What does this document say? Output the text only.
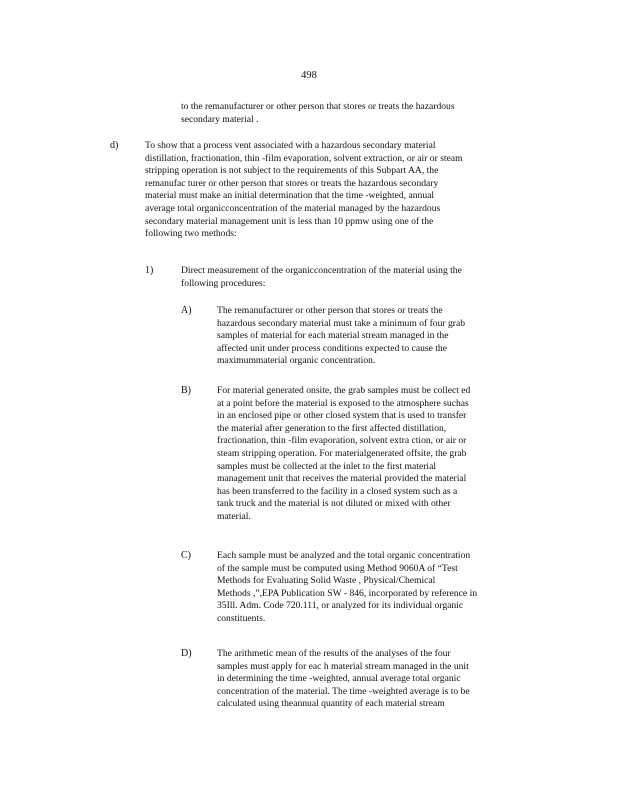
498
to the remanufacturer or other person that stores or treats the hazardous
secondary material .
d)	To show that a process vent associated with a hazardous secondary material
distillation, fractionation, thin -film evaporation, solvent extraction, or air or steam
stripping operation is not subject to the requirements of this Subpart AA, the
remanufac turer or other person that stores or treats the hazardous secondary
material must make an initial determination that the time -weighted, annual
average total organicconcentration of the material managed by the hazardous
secondary material management unit is less than 10 ppmw using one of the
following two methods:
1)	Direct measurement of the organicconcentration of the material using the
following procedures:
A)	The remanufacturer or other person that stores or treats the
hazardous secondary material must take a minimum of four grab
samples of material for each material stream managed in the
affected unit under process conditions expected to cause the
maximummaterial organic concentration.
B)	For material generated onsite, the grab samples must be collect ed
at a point before the material is exposed to the atmosphere suchas
in an enclosed pipe or other closed system that is used to transfer
the material after generation to the first affected distillation,
fractionation, thin -film evaporation, solvent extra ction, or air or
steam stripping operation. For materialgenerated offsite, the grab
samples must be collected at the inlet to the first material
management unit that receives the material provided the material
has been transferred to the facility in a closed system such as a
tank truck and the material is not diluted or mixed with other
material.
C)	Each sample must be analyzed and the total organic concentration
of the sample must be computed using Method 9060A of “Test
Methods for Evaluating Solid Waste , Physical/Chemical
Methods ,”,EPA Publication SW - 846, incorporated by reference in
35Ill. Adm. Code 720.111, or analyzed for its individual organic
constituents.
D)	The arithmetic mean of the results of the analyses of the four
samples must apply for eac h material stream managed in the unit
in determining the time -weighted, annual average total organic
concentration of the material. The time -weighted average is to be
calculated using theannual quantity of each material stream
